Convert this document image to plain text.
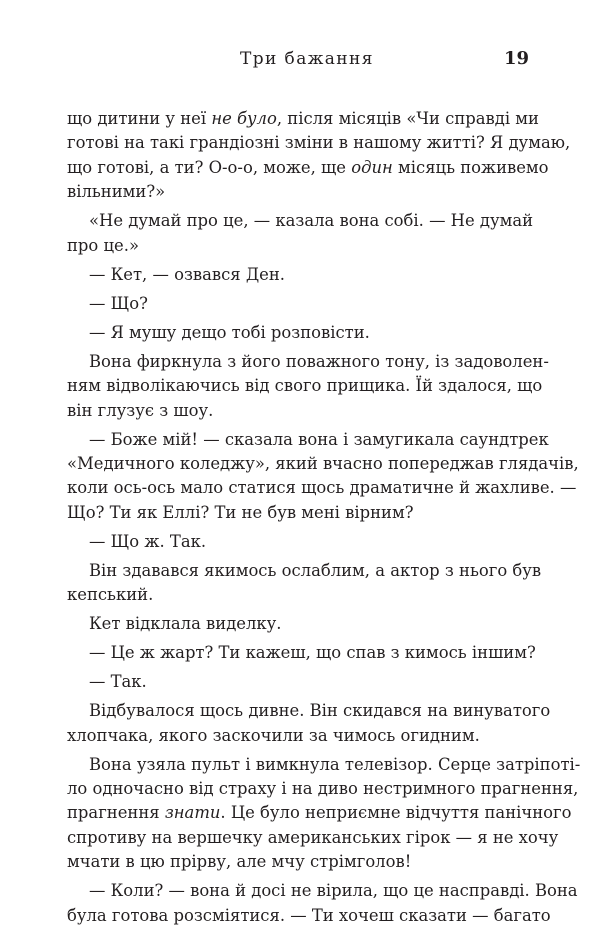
Три бажання	19
що дитини у неї не було, після місяців «Чи справді ми
готові на такі грандіозні зміни в нашому житті? Я думаю,
що готові, а ти? О-о-о, може, ще один місяць поживемо
вільними?»
«Не думай про це, — казала вона собі. — Не думай
про це.»
— Кет, — озвався Ден.
— Що?
— Я мушу дещо тобі розповісти.
Вона фиркнула з його поважного тону, із задоволен-
ням відволікаючись від свого прищика. Їй здалося, що
він глузує з шоу.
— Боже мій! — сказала вона і замугикала саундтрек
«Медичного коледжу», який вчасно попереджав глядачів,
коли ось-ось мало статися щось драматичне й жахливе. —
Що? Ти як Еллі? Ти не був мені вірним?
— Що ж. Так.
Він здавався якимось ослаблим, а актор з нього був
кепський.
Кет відклала виделку.
— Це ж жарт? Ти кажеш, що спав з кимось іншим?
— Так.
Відбувалося щось дивне. Він скидався на винуватого
хлопчака, якого заскочили за чимось огидним.
Вона узяла пульт і вимкнула телевізор. Серце затріпоті-
ло одночасно від страху і на диво нестримного прагнення,
прагнення знати. Це було неприємне відчуття панічного
спротиву на вершечку американських гірок — я не хочу
мчати в цю прірву, але мчу стрімголов!
— Коли? — вона й досі не вірила, що це насправді. Вона
була готова розсміятися. — Ти хочеш сказати — багато
